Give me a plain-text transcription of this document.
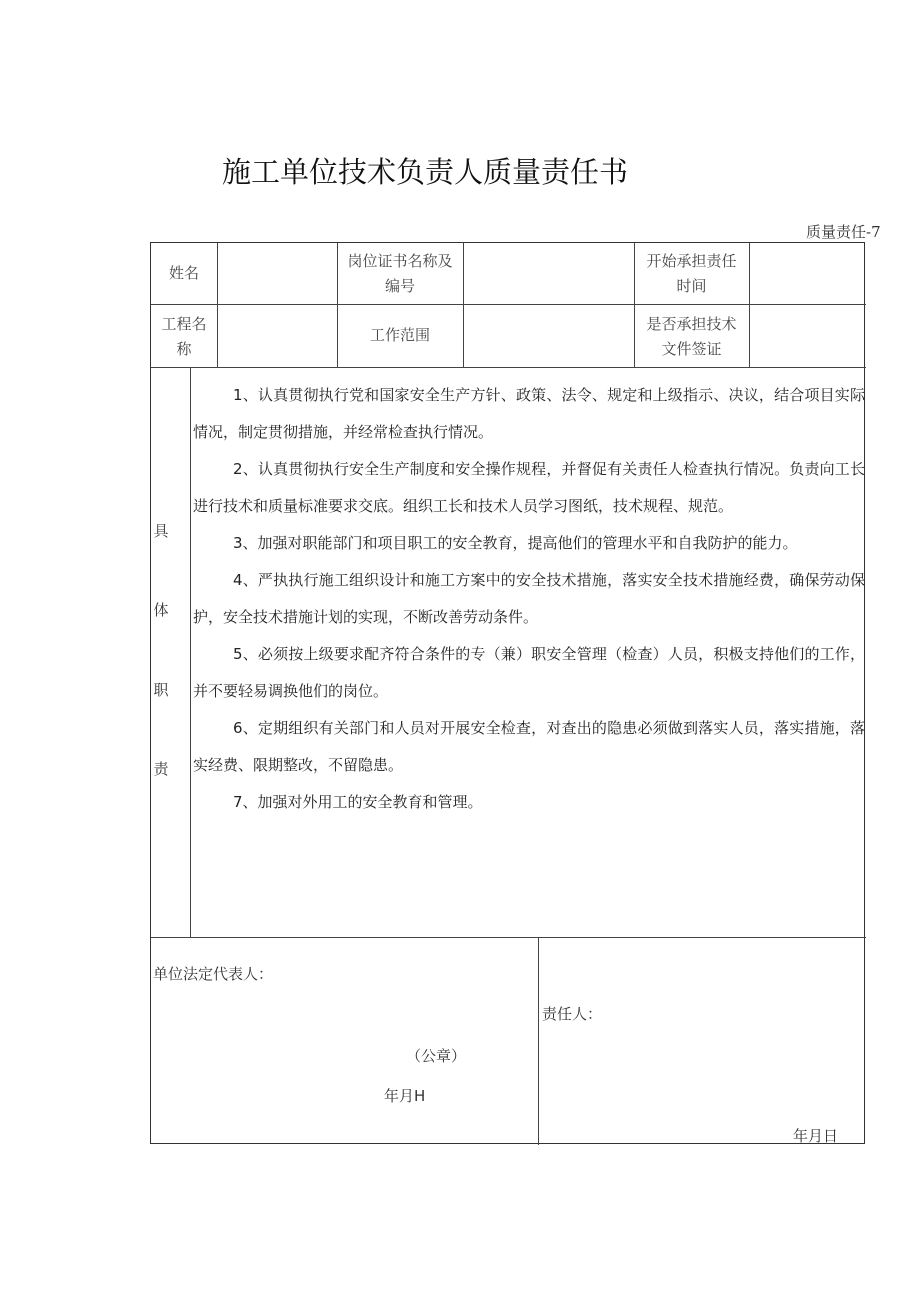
施工单位技术负责人质量责任书
质量责任-7
姓名
岗位证书名称及
编号
开始承担责任
时间
工程名
称
工作范围
是否承担技术
文件签证
具
体
职
责

1、认真贯彻执行党和国家安全生产方针、政策、法令、规定和上级指示、决议，结合项目实际情况，制定贯彻措施，并经常检查执行情况。

2、认真贯彻执行安全生产制度和安全操作规程，并督促有关责任人检查执行情况。负责向工长进行技术和质量标准要求交底。组织工长和技术人员学习图纸，技术规程、规范。

3、加强对职能部门和项目职工的安全教育，提高他们的管理水平和自我防护的能力。

4、严执执行施工组织设计和施工方案中的安全技术措施，落实安全技术措施经费，确保劳动保护，安全技术措施计划的实现，不断改善劳动条件。

5、必须按上级要求配齐符合条件的专（兼）职安全管理（检查）人员，积极支持他们的工作，并不要轻易调换他们的岗位。

6、定期组织有关部门和人员对开展安全检查，对查出的隐患必须做到落实人员，落实措施，落实经费、限期整改，不留隐患。

7、加强对外用工的安全教育和管理。

单位法定代表人：
（公章）
年月H
责任人：
年月日
